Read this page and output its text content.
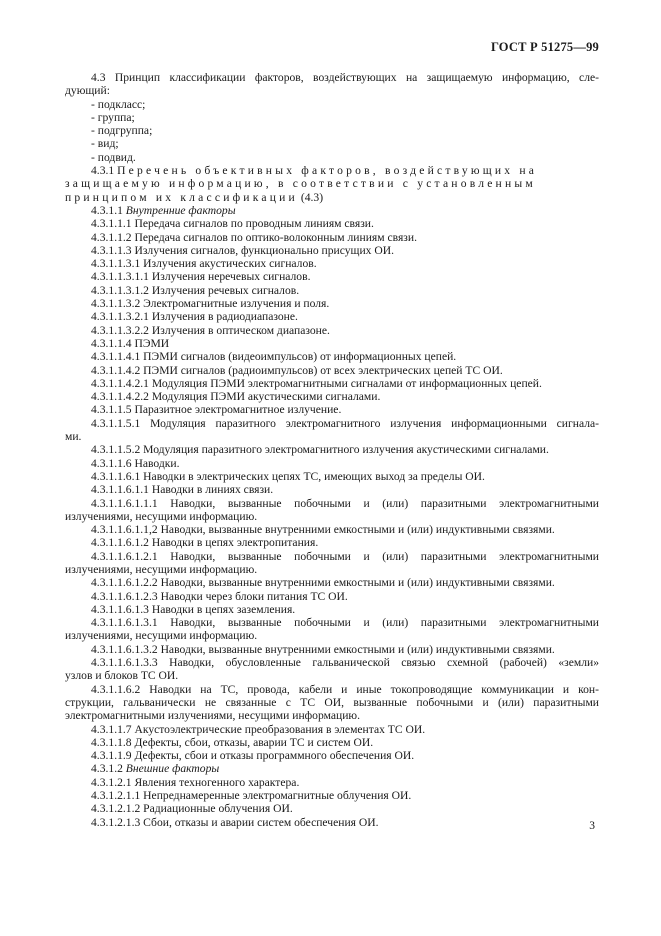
ГОСТ Р 51275—99
4.3 Принцип классификации факторов, воздействующих на защищаемую информацию, сле-
дующий:
- подкласс;
- группа;
- подгруппа;
- вид;
- подвид.
4.3.1 Перечень объективных факторов, воздействующих на
защищаемую информацию, в соответствии с установленным
принципом их классификации (4.3)
4.3.1.1 Внутренние факторы
4.3.1.1.1 Передача сигналов по проводным линиям связи.
4.3.1.1.2 Передача сигналов по оптико-волоконным линиям связи.
4.3.1.1.3 Излучения сигналов, функционально присущих ОИ.
4.3.1.1.3.1 Излучения акустических сигналов.
4.3.1.1.3.1.1 Излучения неречевых сигналов.
4.3.1.1.3.1.2 Излучения речевых сигналов.
4.3.1.1.3.2 Электромагнитные излучения и поля.
4.3.1.1.3.2.1 Излучения в радиодиапазоне.
4.3.1.1.3.2.2 Излучения в оптическом диапазоне.
4.3.1.1.4 ПЭМИ
4.3.1.1.4.1 ПЭМИ сигналов (видеоимпульсов) от информационных цепей.
4.3.1.1.4.2 ПЭМИ сигналов (радиоимпульсов) от всех электрических цепей ТС ОИ.
4.3.1.1.4.2.1 Модуляция ПЭМИ электромагнитными сигналами от информационных цепей.
4.3.1.1.4.2.2 Модуляция ПЭМИ акустическими сигналами.
4.3.1.1.5 Паразитное электромагнитное излучение.
4.3.1.1.5.1 Модуляция паразитного электромагнитного излучения информационными сигнала-
ми.
4.3.1.1.5.2 Модуляция паразитного электромагнитного излучения акустическими сигналами.
4.3.1.1.6 Наводки.
4.3.1.1.6.1 Наводки в электрических цепях ТС, имеющих выход за пределы ОИ.
4.3.1.1.6.1.1 Наводки в линиях связи.
4.3.1.1.6.1.1.1 Наводки, вызванные побочными и (или) паразитными электромагнитными
излучениями, несущими информацию.
4.3.1.1.6.1.1,2 Наводки, вызванные внутренними емкостными и (или) индуктивными связями.
4.3.1.1.6.1.2 Наводки в цепях электропитания.
4.3.1.1.6.1.2.1 Наводки, вызванные побочными и (или) паразитными электромагнитными
излучениями, несущими информацию.
4.3.1.1.6.1.2.2 Наводки, вызванные внутренними емкостными и (или) индуктивными связями.
4.3.1.1.6.1.2.3 Наводки через блоки питания ТС ОИ.
4.3.1.1.6.1.3 Наводки в цепях заземления.
4.3.1.1.6.1.3.1 Наводки, вызванные побочными и (или) паразитными электромагнитными
излучениями, несущими информацию.
4.3.1.1.6.1.3.2 Наводки, вызванные внутренними емкостными и (или) индуктивными связями.
4.3.1.1.6.1.3.3 Наводки, обусловленные гальванической связью схемной (рабочей) «земли»
узлов и блоков ТС ОИ.
4.3.1.1.6.2 Наводки на ТС, провода, кабели и иные токопроводящие коммуникации и кон-
струкции, гальванически не связанные с ТС ОИ, вызванные побочными и (или) паразитными
электромагнитными излучениями, несущими информацию.
4.3.1.1.7 Акустоэлектрические преобразования в элементах ТС ОИ.
4.3.1.1.8 Дефекты, сбои, отказы, аварии ТС и систем ОИ.
4.3.1.1.9 Дефекты, сбои и отказы программного обеспечения ОИ.
4.3.1.2 Внешние факторы
4.3.1.2.1 Явления техногенного характера.
4.3.1.2.1.1 Непреднамеренные электромагнитные облучения ОИ.
4.3.1.2.1.2 Радиационные облучения ОИ.
4.3.1.2.1.3 Сбои, отказы и аварии систем обеспечения ОИ.	3
